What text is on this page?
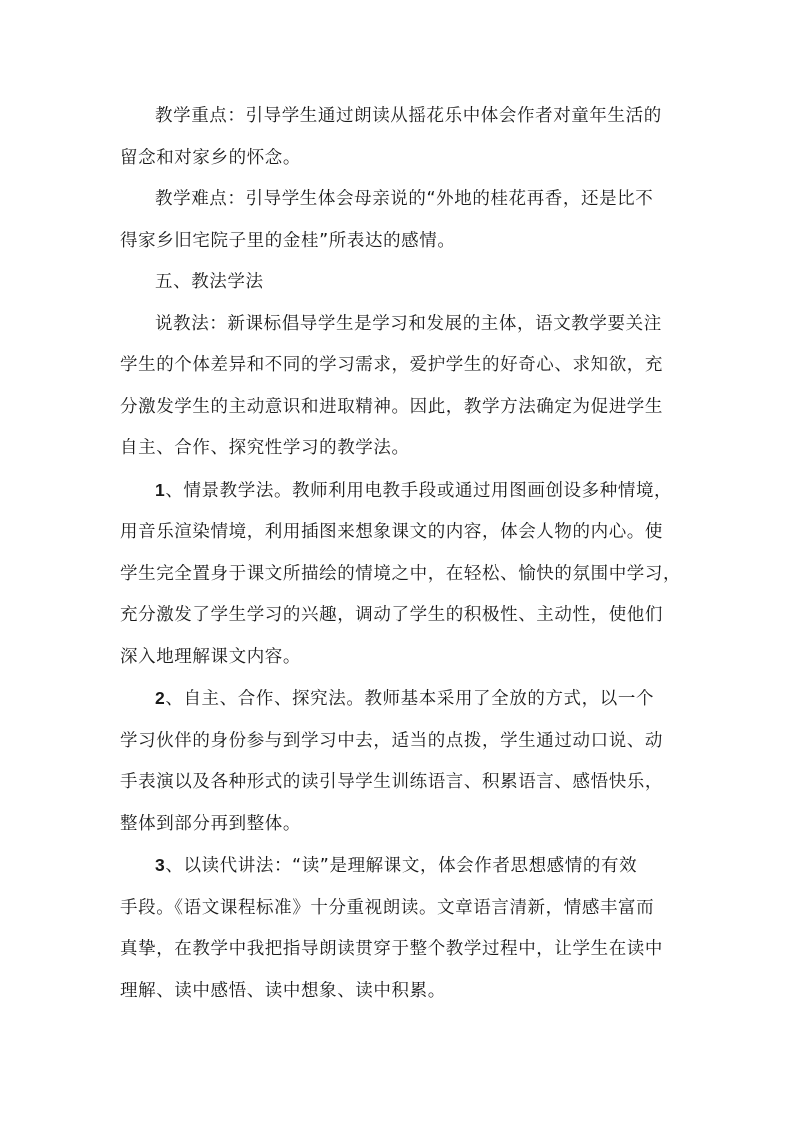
教学重点：引导学生通过朗读从摇花乐中体会作者对童年生活的
留念和对家乡的怀念。

教学难点：引导学生体会母亲说的“外地的桂花再香，还是比不
得家乡旧宅院子里的金桂”所表达的感情。

五、教法学法

说教法：新课标倡导学生是学习和发展的主体，语文教学要关注
学生的个体差异和不同的学习需求，爱护学生的好奇心、求知欲，充
分激发学生的主动意识和进取精神。因此，教学方法确定为促进学生
自主、合作、探究性学习的教学法。

1、情景教学法。教师利用电教手段或通过用图画创设多种情境，
用音乐渲染情境，利用插图来想象课文的内容，体会人物的内心。使
学生完全置身于课文所描绘的情境之中，在轻松、愉快的氛围中学习，
充分激发了学生学习的兴趣，调动了学生的积极性、主动性，使他们
深入地理解课文内容。

2、自主、合作、探究法。教师基本采用了全放的方式，以一个
学习伙伴的身份参与到学习中去，适当的点拨，学生通过动口说、动
手表演以及各种形式的读引导学生训练语言、积累语言、感悟快乐，
整体到部分再到整体。

3、以读代讲法：“读”是理解课文，体会作者思想感情的有效
手段。《语文课程标准》十分重视朗读。文章语言清新，情感丰富而
真挚，在教学中我把指导朗读贯穿于整个教学过程中，让学生在读中
理解、读中感悟、读中想象、读中积累。
